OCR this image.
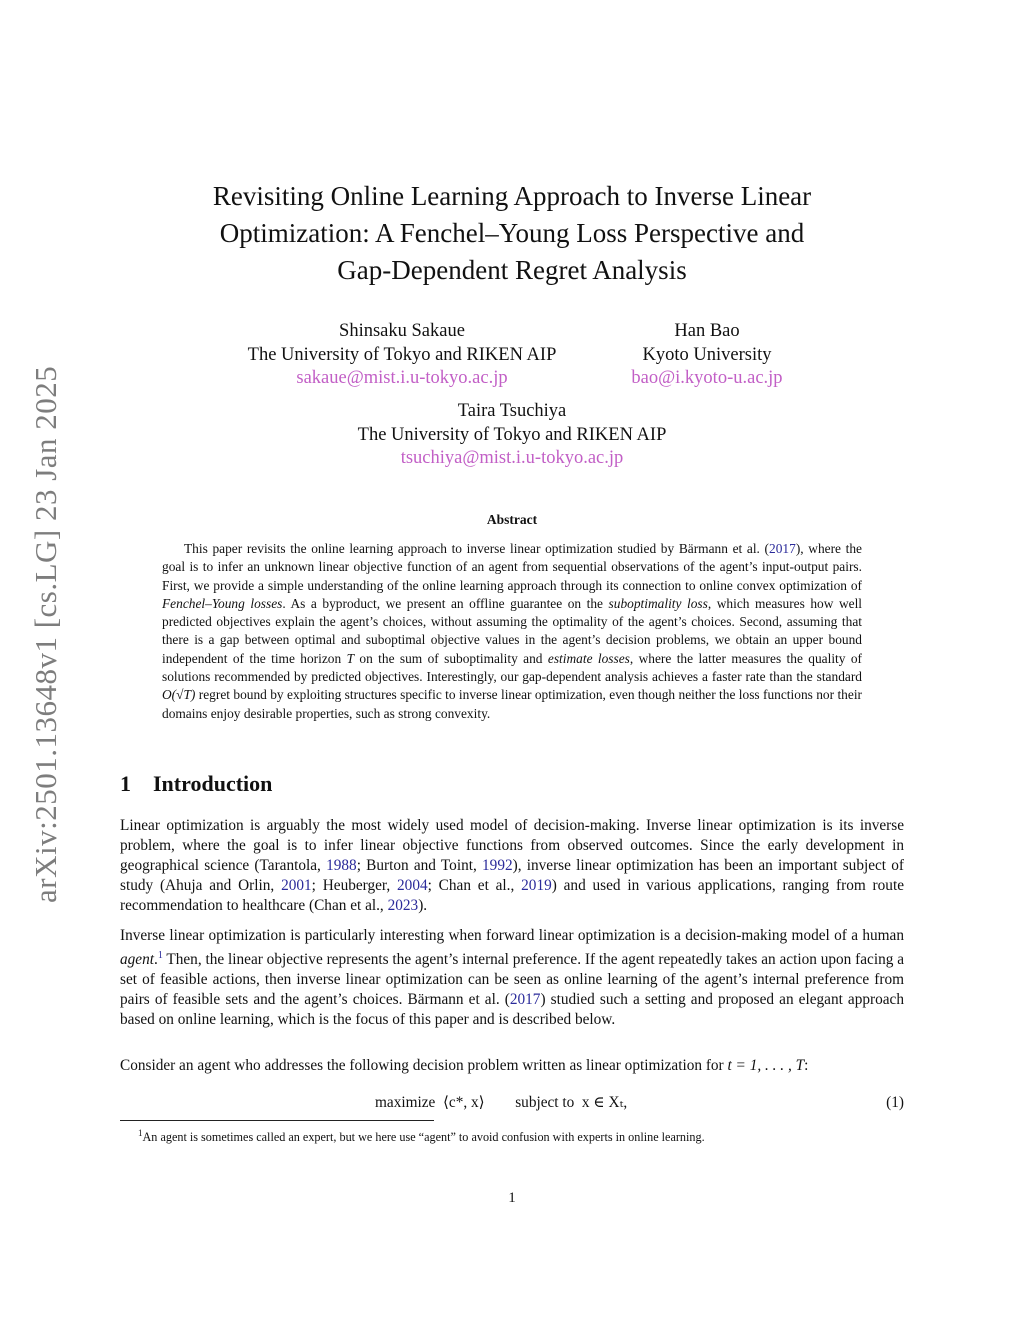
arXiv:2501.13648v1 [cs.LG] 23 Jan 2025
Revisiting Online Learning Approach to Inverse Linear
Optimization: A Fenchel–Young Loss Perspective and
Gap-Dependent Regret Analysis
Shinsaku Sakaue
The University of Tokyo and RIKEN AIP
sakaue@mist.i.u-tokyo.ac.jp
Han Bao
Kyoto University
bao@i.kyoto-u.ac.jp
Taira Tsuchiya
The University of Tokyo and RIKEN AIP
tsuchiya@mist.i.u-tokyo.ac.jp
Abstract

This paper revisits the online learning approach to inverse linear optimization studied by Bärmann et al. (2017), where the goal is to infer an unknown linear objective function of an agent from sequential observations of the agent’s input-output pairs. First, we provide a simple understanding of the online learning approach through its connection to online convex optimization of Fenchel–Young losses. As a byproduct, we present an offline guarantee on the suboptimality loss, which measures how well predicted objectives explain the agent’s choices, without assuming the optimality of the agent’s choices. Second, assuming that there is a gap between optimal and suboptimal objective values in the agent’s decision problems, we obtain an upper bound independent of the time horizon T on the sum of suboptimality and estimate losses, where the latter measures the quality of solutions recommended by predicted objectives. Interestingly, our gap-dependent analysis achieves a faster rate than the standard O(√T) regret bound by exploiting structures specific to inverse linear optimization, even though neither the loss functions nor their domains enjoy desirable properties, such as strong convexity.

1 Introduction

Linear optimization is arguably the most widely used model of decision-making. Inverse linear optimization is its inverse problem, where the goal is to infer linear objective functions from observed outcomes. Since the early development in geographical science (Tarantola, 1988; Burton and Toint, 1992), inverse linear optimization has been an important subject of study (Ahuja and Orlin, 2001; Heuberger, 2004; Chan et al., 2019) and used in various applications, ranging from route recommendation to healthcare (Chan et al., 2023).

Inverse linear optimization is particularly interesting when forward linear optimization is a decision-making model of a human agent.$^1$ Then, the linear objective represents the agent’s internal preference. If the agent repeatedly takes an action upon facing a set of feasible actions, then inverse linear optimization can be seen as online learning of the agent’s internal preference from pairs of feasible sets and the agent’s choices. Bärmann et al. (2017) studied such a setting and proposed an elegant approach based on online learning, which is the focus of this paper and is described below.

Consider an agent who addresses the following decision problem written as linear optimization for t = 1, . . . , T:

maximize  ⟨c*, x⟩        subject to  x ∈ Xₜ,	(1)

$^1$An agent is sometimes called an expert, but we here use “agent” to avoid confusion with experts in online learning.

1
